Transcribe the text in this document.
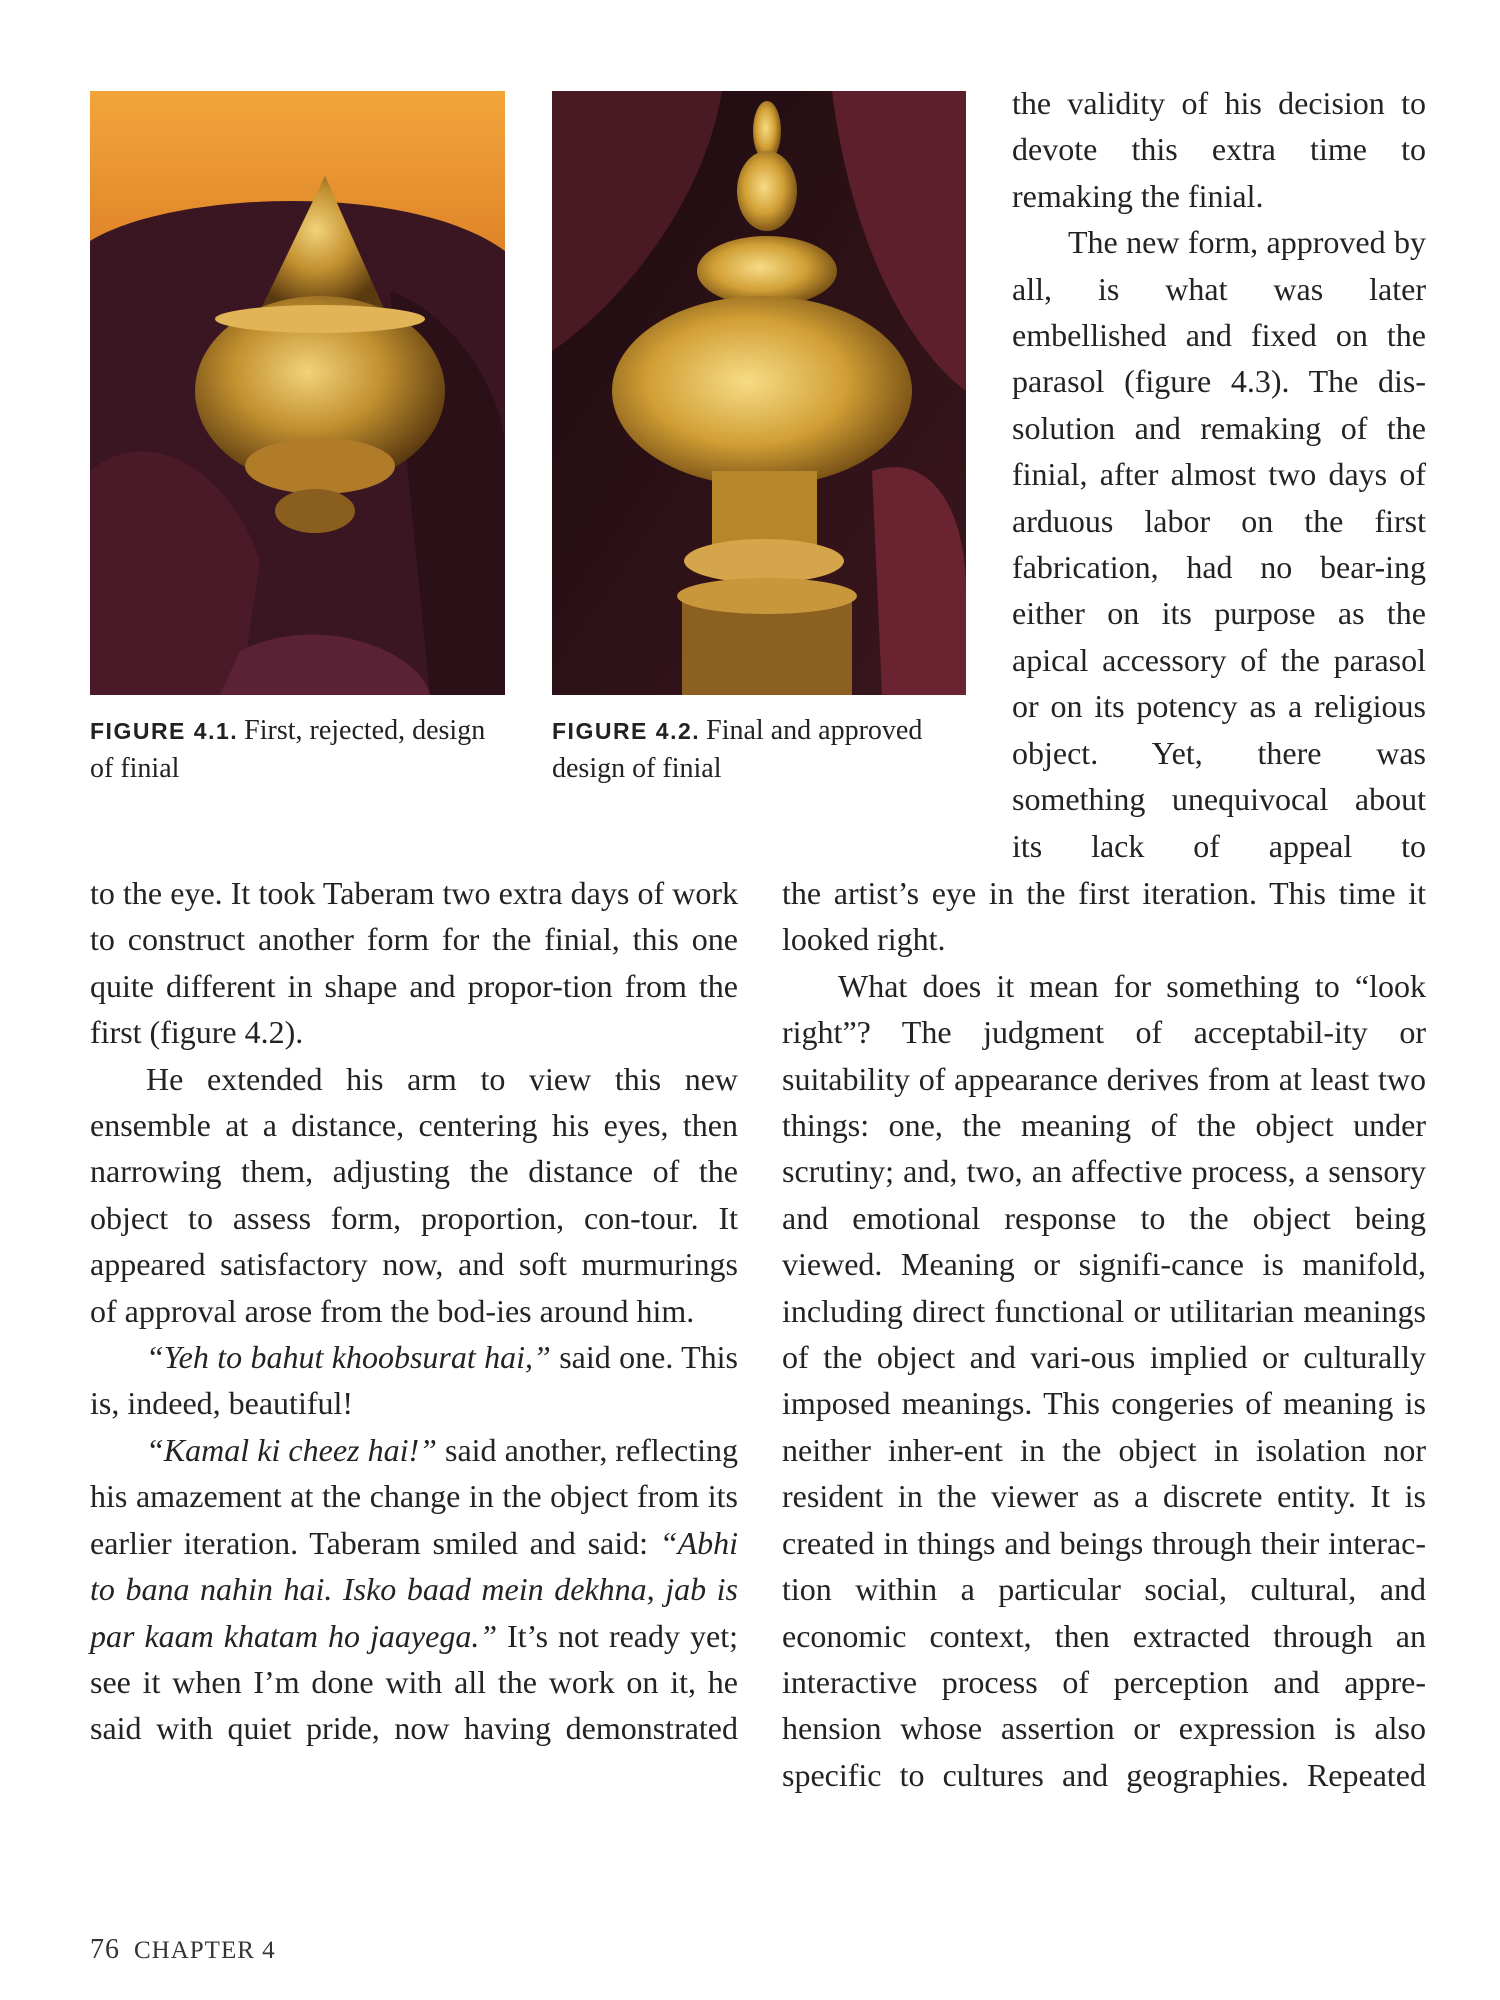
FIGURE 4.1. First, rejected, design of finial
FIGURE 4.2. Final and approved design of finial

the validity of his decision to devote this extra time to remaking the finial.

The new form, approved by all, is what was later embellished and fixed on the parasol (figure 4.3). The dis-solution and remaking of the finial, after almost two days of arduous labor on the first fabrication, had no bear-ing either on its purpose as the apical accessory of the parasol or on its potency as a religious object. Yet, there was something unequivocal about its lack of appeal to

to the eye. It took Taberam two extra days of work to construct another form for the finial, this one quite different in shape and propor-tion from the first (figure 4.2).

He extended his arm to view this new ensemble at a distance, centering his eyes, then narrowing them, adjusting the distance of the object to assess form, proportion, con-tour. It appeared satisfactory now, and soft murmurings of approval arose from the bod-ies around him.

“Yeh to bahut khoobsurat hai,” said one. This is, indeed, beautiful!

“Kamal ki cheez hai!” said another, reflecting his amazement at the change in the object from its earlier iteration. Taberam smiled and said: “Abhi to bana nahin hai. Isko baad mein dekhna, jab is par kaam khatam ho jaayega.” It’s not ready yet; see it when I’m done with all the work on it, he said with quiet pride, now having demonstrated

the artist’s eye in the first iteration. This time it looked right.

What does it mean for something to “look right”? The judgment of acceptabil-ity or suitability of appearance derives from at least two things: one, the meaning of the object under scrutiny; and, two, an affective process, a sensory and emotional response to the object being viewed. Meaning or signifi-cance is manifold, including direct functional or utilitarian meanings of the object and vari-ous implied or culturally imposed meanings. This congeries of meaning is neither inher-ent in the object in isolation nor resident in the viewer as a discrete entity. It is created in things and beings through their interac-tion within a particular social, cultural, and economic context, then extracted through an interactive process of perception and appre-hension whose assertion or expression is also specific to cultures and geographies. Repeated

76 CHAPTER 4
